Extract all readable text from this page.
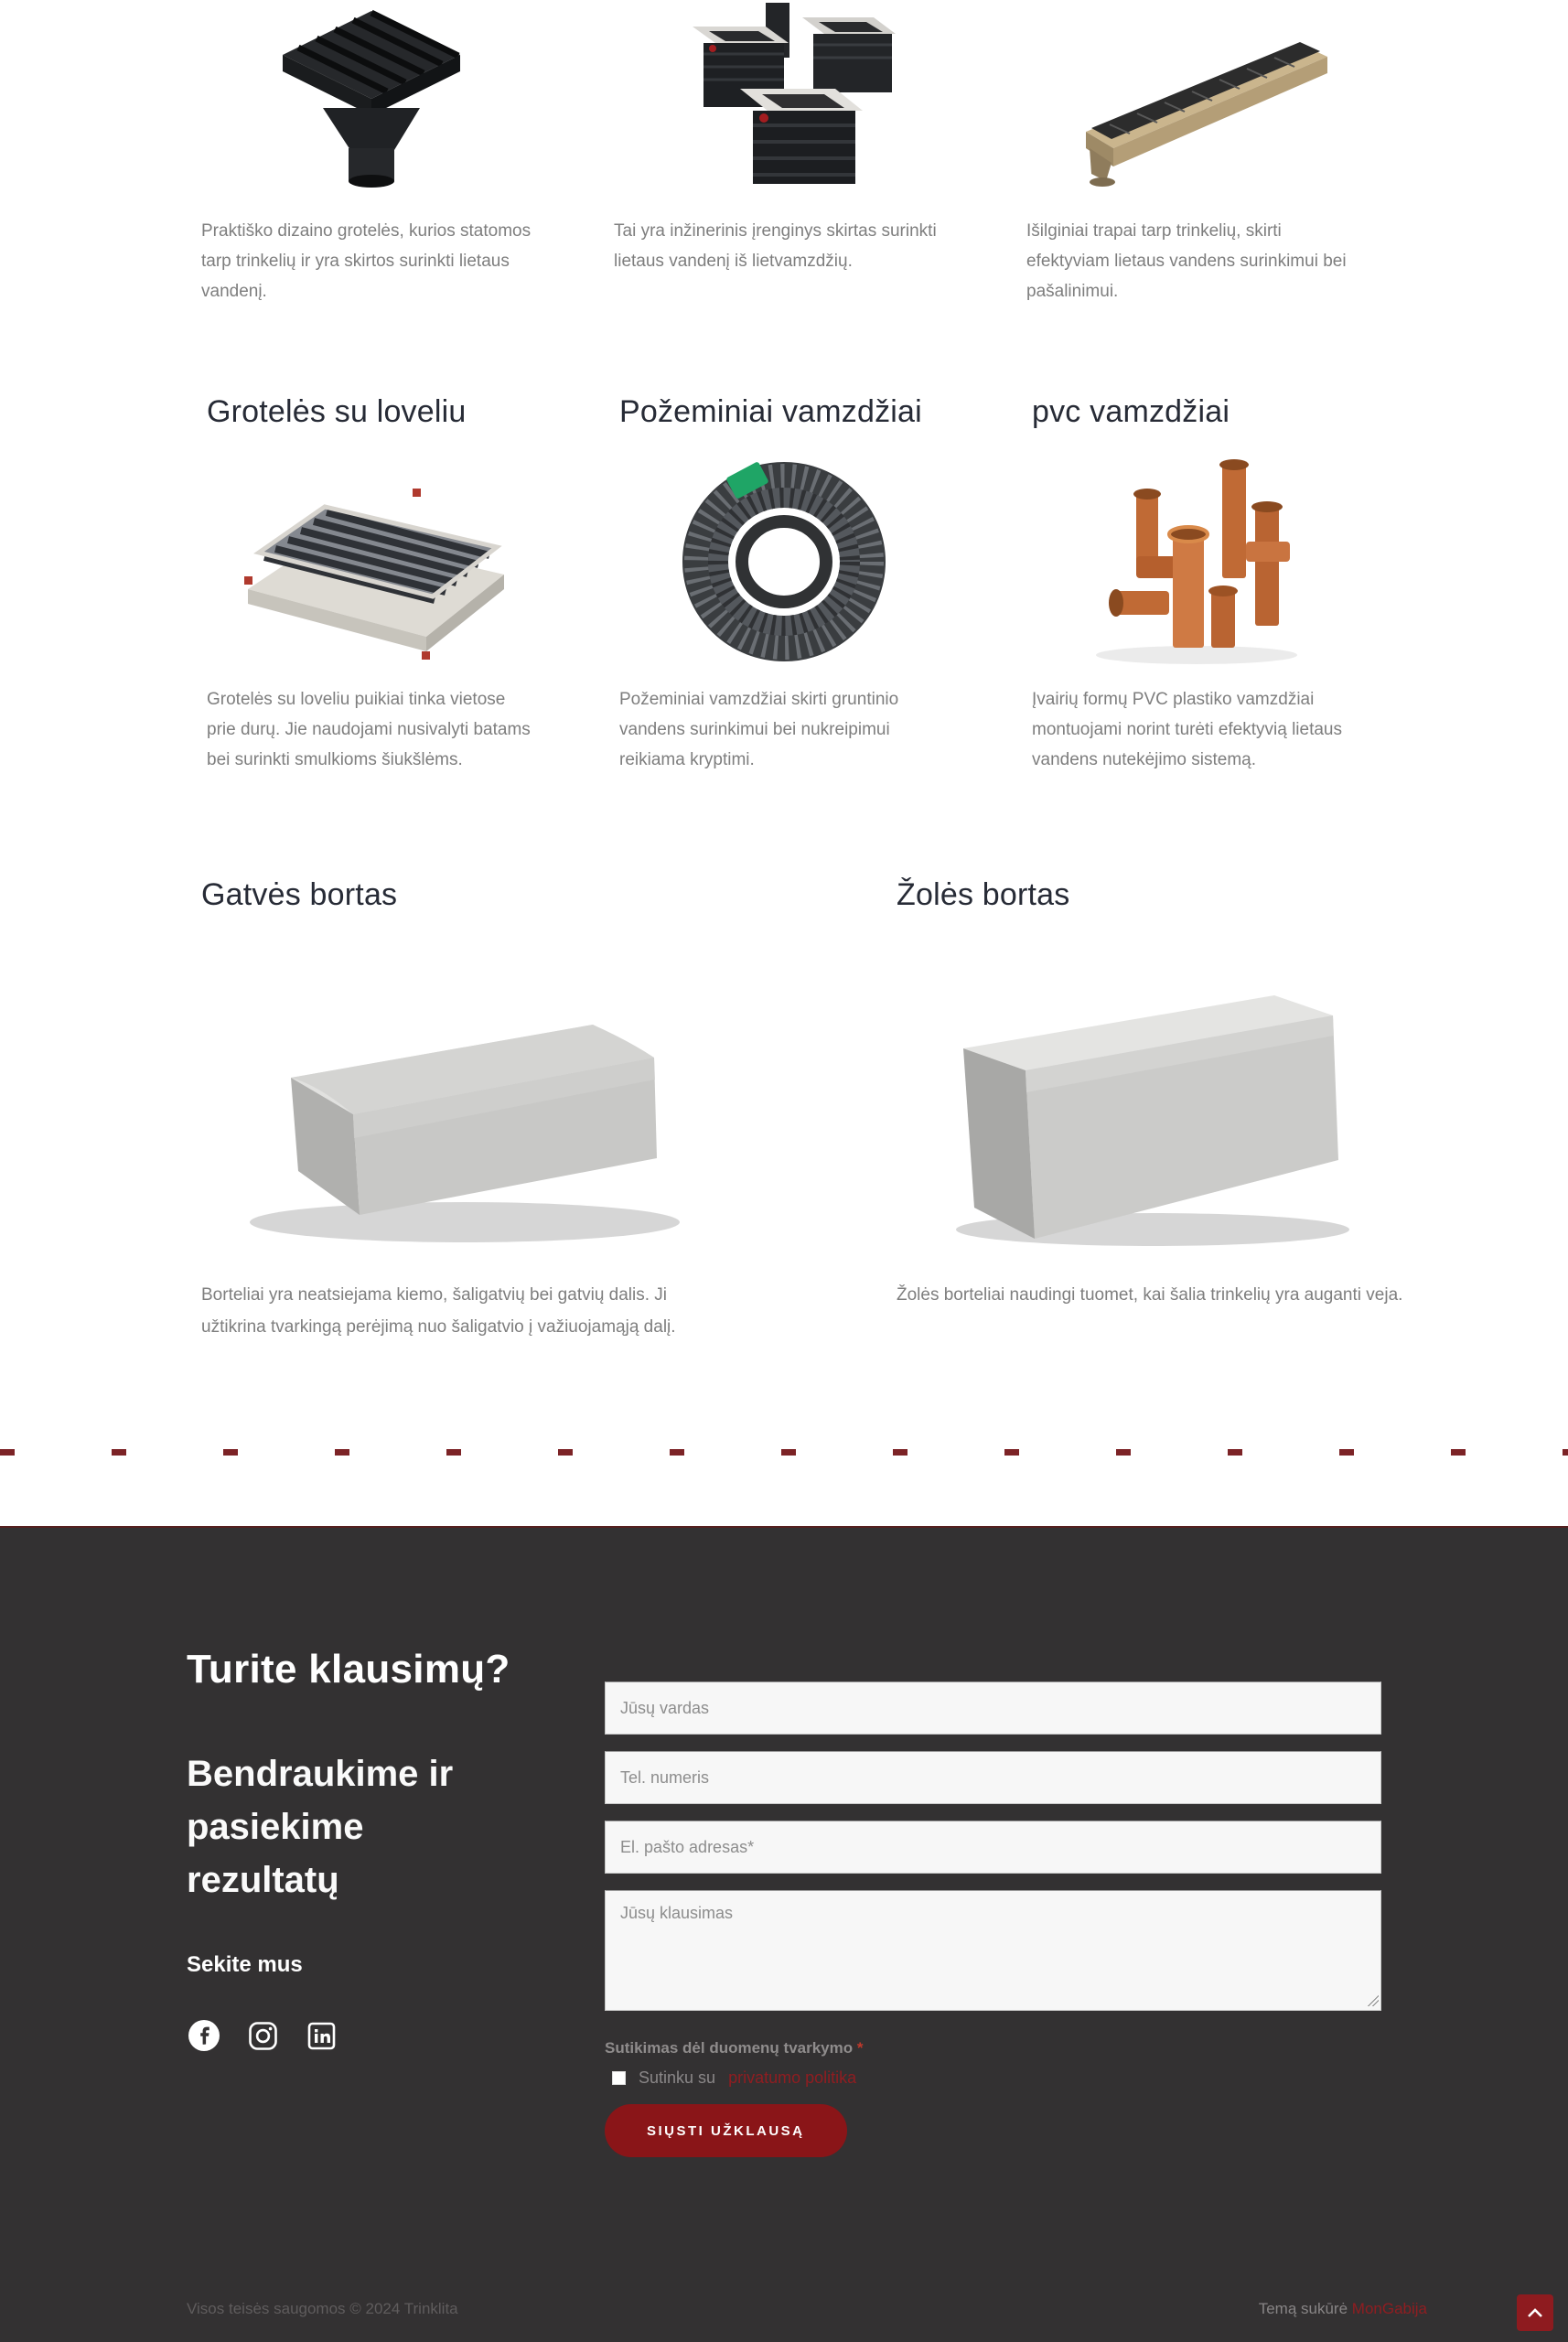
Praktiško dizaino grotelės, kurios statomos tarp trinkelių ir yra skirtos surinkti lietaus vandenį.

Tai yra inžinerinis įrenginys skirtas surinkti lietaus vandenį iš lietvamzdžių.

Išilginiai trapai tarp trinkelių, skirti efektyviam lietaus vandens surinkimui bei pašalinimui.

Grotelės su loveliu

Grotelės su loveliu puikiai tinka vietose prie durų. Jie naudojami nusivalyti batams bei surinkti smulkioms šiukšlėms.

Požeminiai vamzdžiai

Požeminiai vamzdžiai skirti gruntinio vandens surinkimui bei nukreipimui reikiama kryptimi.

pvc vamzdžiai

Įvairių formų PVC plastiko vamzdžiai montuojami norint turėti efektyvią lietaus vandens nutekėjimo sistemą.

Gatvės bortas

Borteliai yra neatsiejama kiemo, šaligatvių bei gatvių dalis. Ji užtikrina tvarkingą perėjimą nuo šaligatvio į važiuojamąją dalį.

Žolės bortas

Žolės borteliai naudingi tuomet, kai šalia trinkelių yra auganti veja.

Turite klausimų?
Bendraukime ir pasiekime rezultatų
Sekite mus
Jūsų vardas Tel. numeris El. pašto adresas*
Jūsų klausimas
Sutikimas dėl duomenų tvarkymo *
Sutinku su privatumo politika
SIŲSTI UŽKLAUSĄ
Visos teisės saugomos © 2024 Trinklita	Temą sukūrė MonGabija
